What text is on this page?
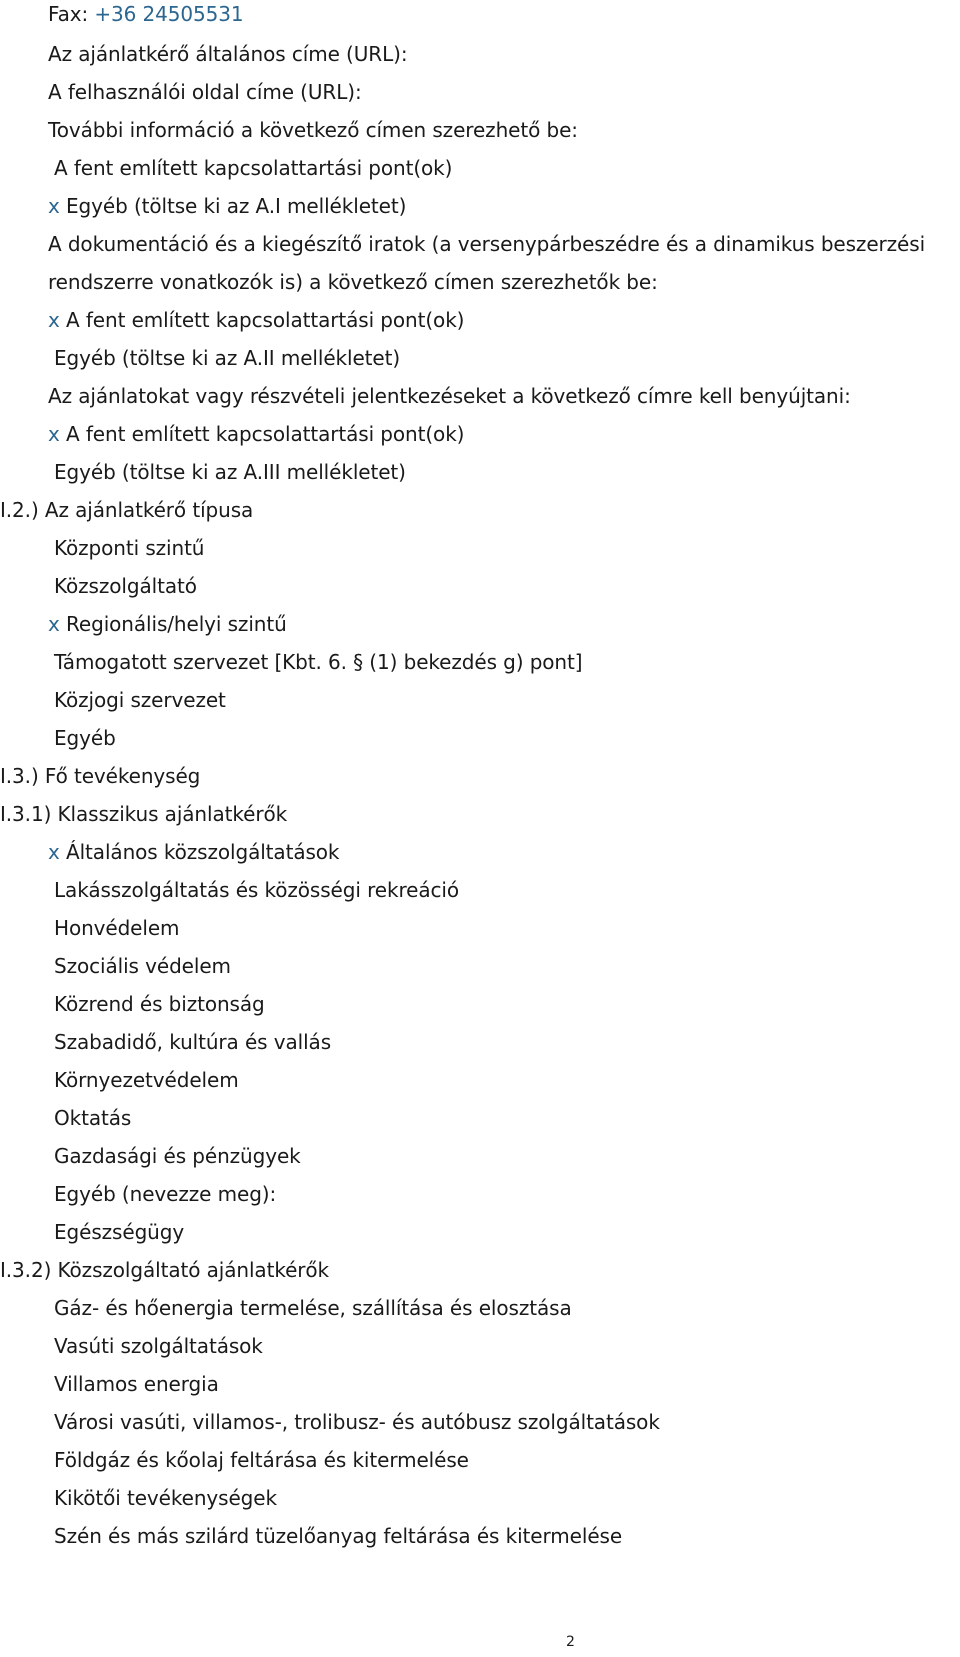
Fax: +36 24505531
Az ajánlatkérő általános címe (URL):
A felhasználói oldal címe (URL):
További információ a következő címen szerezhető be:
A fent említett kapcsolattartási pont(ok)
x Egyéb (töltse ki az A.I mellékletet)
A dokumentáció és a kiegészítő iratok (a versenypárbeszédre és a dinamikus beszerzési
rendszerre vonatkozók is) a következő címen szerezhetők be:
x A fent említett kapcsolattartási pont(ok)
Egyéb (töltse ki az A.II mellékletet)
Az ajánlatokat vagy részvételi jelentkezéseket a következő címre kell benyújtani:
x A fent említett kapcsolattartási pont(ok)
Egyéb (töltse ki az A.III mellékletet)
I.2.) Az ajánlatkérő típusa
Központi szintű
Közszolgáltató
x Regionális/helyi szintű
Támogatott szervezet [Kbt. 6. § (1) bekezdés g) pont]
Közjogi szervezet
Egyéb
I.3.) Fő tevékenység
I.3.1) Klasszikus ajánlatkérők
x Általános közszolgáltatások
Lakásszolgáltatás és közösségi rekreáció
Honvédelem
Szociális védelem
Közrend és biztonság
Szabadidő, kultúra és vallás
Környezetvédelem
Oktatás
Gazdasági és pénzügyek
Egyéb (nevezze meg):
Egészségügy
I.3.2) Közszolgáltató ajánlatkérők
Gáz- és hőenergia termelése, szállítása és elosztása
Vasúti szolgáltatások
Villamos energia
Városi vasúti, villamos-, trolibusz- és autóbusz szolgáltatások
Földgáz és kőolaj feltárása és kitermelése
Kikötői tevékenységek
Szén és más szilárd tüzelőanyag feltárása és kitermelése
2
